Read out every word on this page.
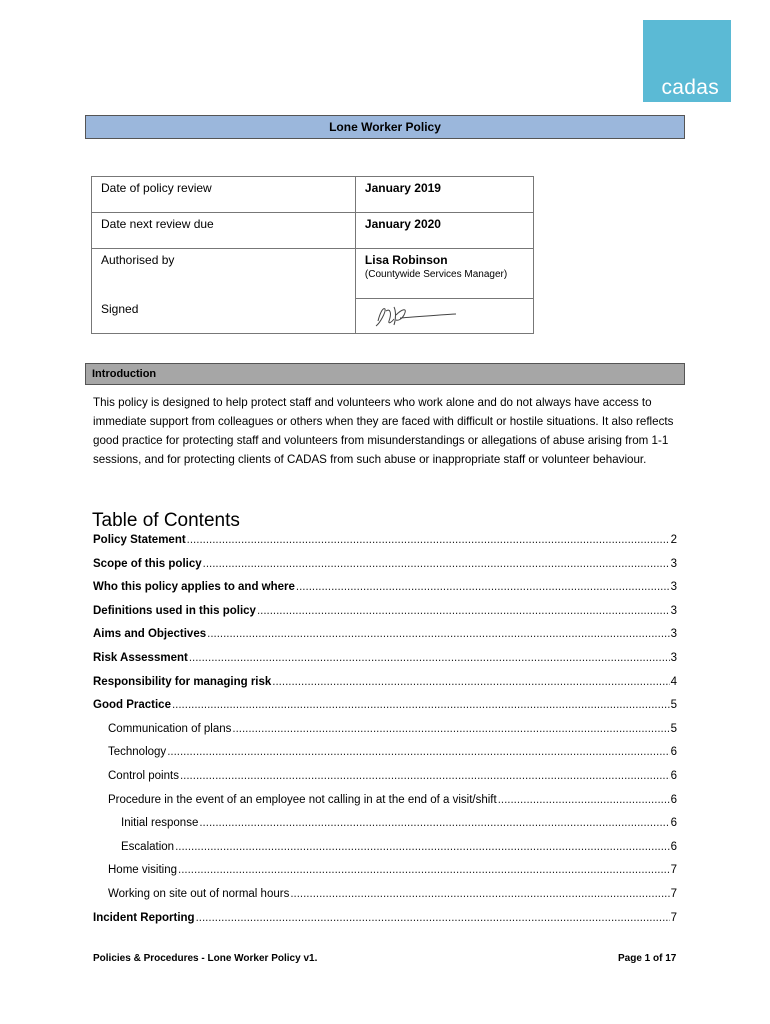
cadas
Lone Worker Policy
Date of policy review	January 2019
Date next review due	January 2020
Authorised by	Lisa Robinson
(Countywide Services Manager)

Signed	
Introduction
This policy is designed to help protect staff and volunteers who work alone and do not always have access to immediate support from colleagues or others when they are faced with difficult or hostile situations. It also reflects good practice for protecting staff and volunteers from misunderstandings or allegations of abuse arising from 1-1 sessions, and for protecting clients of CADAS from such abuse or inappropriate staff or volunteer behaviour.
Table of Contents
Policy Statement .....	2
Scope of this policy .....	3
Who this policy applies to and where .....	3
Definitions used in this policy .....	3
Aims and Objectives .....	3
Risk Assessment .....	3
Responsibility for managing risk .....	4
Good Practice .....	5
Communication of plans .....	5
Technology .....	6
Control points .....	6
Procedure in the event of an employee not calling in at the end of a visit/shift .....	6
Initial response .....	6
Escalation .....	6
Home visiting .....	7
Working on site out of normal hours .....	7
Incident Reporting .....	7
Policies & Procedures - Lone Worker Policy v1.	Page 1 of 17
